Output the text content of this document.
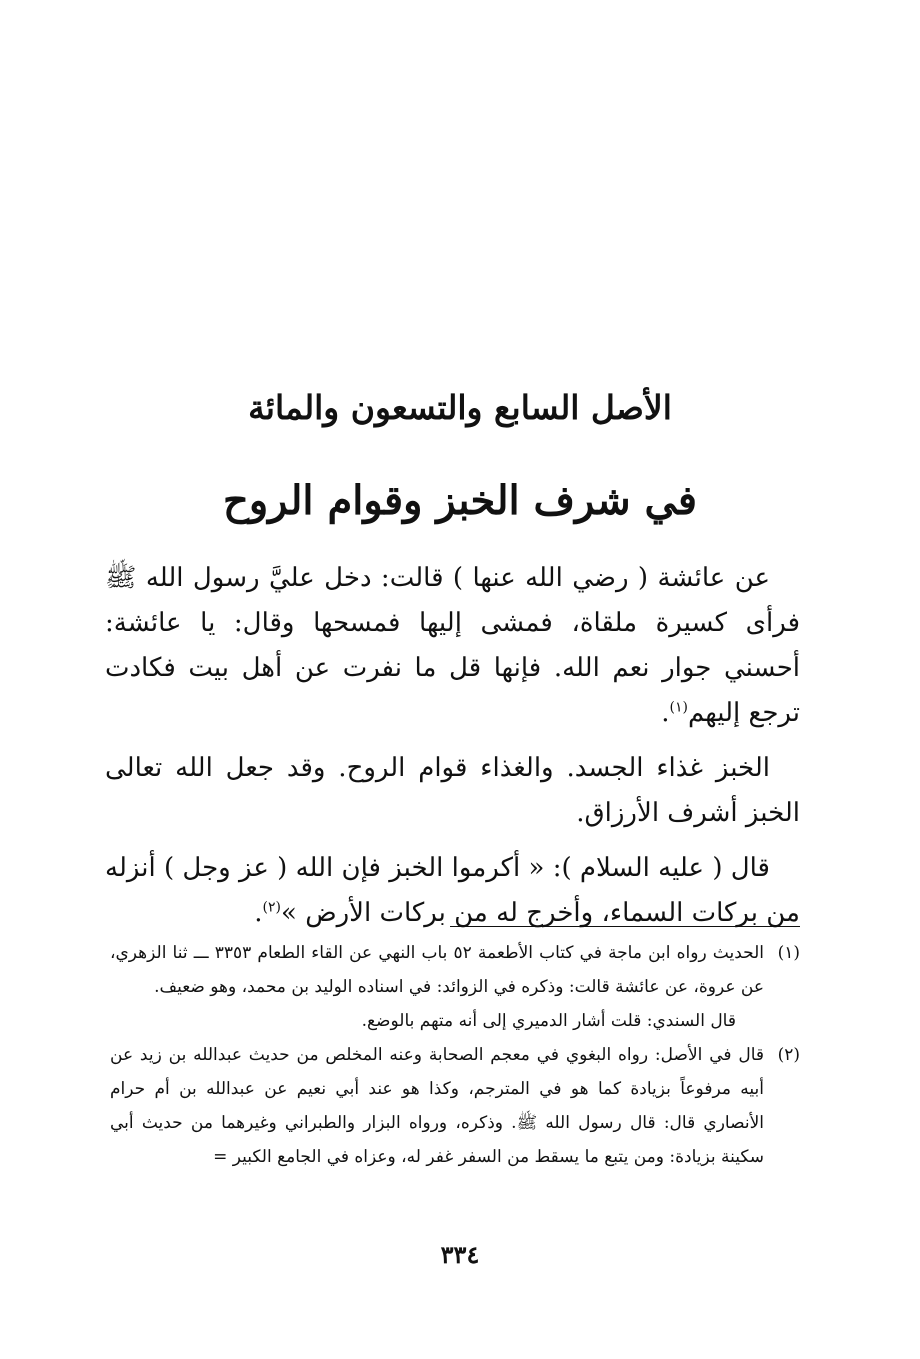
الأصل السابع والتسعون والمائة
في شرف الخبز وقوام الروح

عن عائشة ( رضي الله عنها ) قالت: دخل عليَّ رسول الله ﷺ فرأى كسيرة ملقاة، فمشى إليها فمسحها وقال: يا عائشة: أحسني جوار نعم الله. فإنها قل ما نفرت عن أهل بيت فكادت ترجع إليهم$^{(١)}$.

الخبز غذاء الجسد. والغذاء قوام الروح. وقد جعل الله تعالى الخبز أشرف الأرزاق.

قال ( عليه السلام ): « أكرموا الخبز فإن الله ( عز وجل ) أنزله من بركات السماء، وأخرج له من بركات الأرض »$^{(٢)}$.

(١)
الحديث رواه ابن ماجة في كتاب الأطعمة ٥٢ باب النهي عن القاء الطعام ٣٣٥٣ ـــ ثنا الزهري، عن عروة، عن عائشة قالت: وذكره في الزوائد: في اسناده الوليد بن محمد، وهو ضعيف.
قال السندي: قلت أشار الدميري إلى أنه متهم بالوضع.
(٢)
قال في الأصل: رواه البغوي في معجم الصحابة وعنه المخلص من حديث عبدالله بن زيد عن أبيه مرفوعاً بزيادة كما هو في المترجم، وكذا هو عند أبي نعيم عن عبدالله بن أم حرام الأنصاري قال: قال رسول الله ﷺ. وذكره، ورواه البزار والطبراني وغيرهما من حديث أبي سكينة بزيادة: ومن يتبع ما يسقط من السفر غفر له، وعزاه في الجامع الكبير =
٣٣٤
